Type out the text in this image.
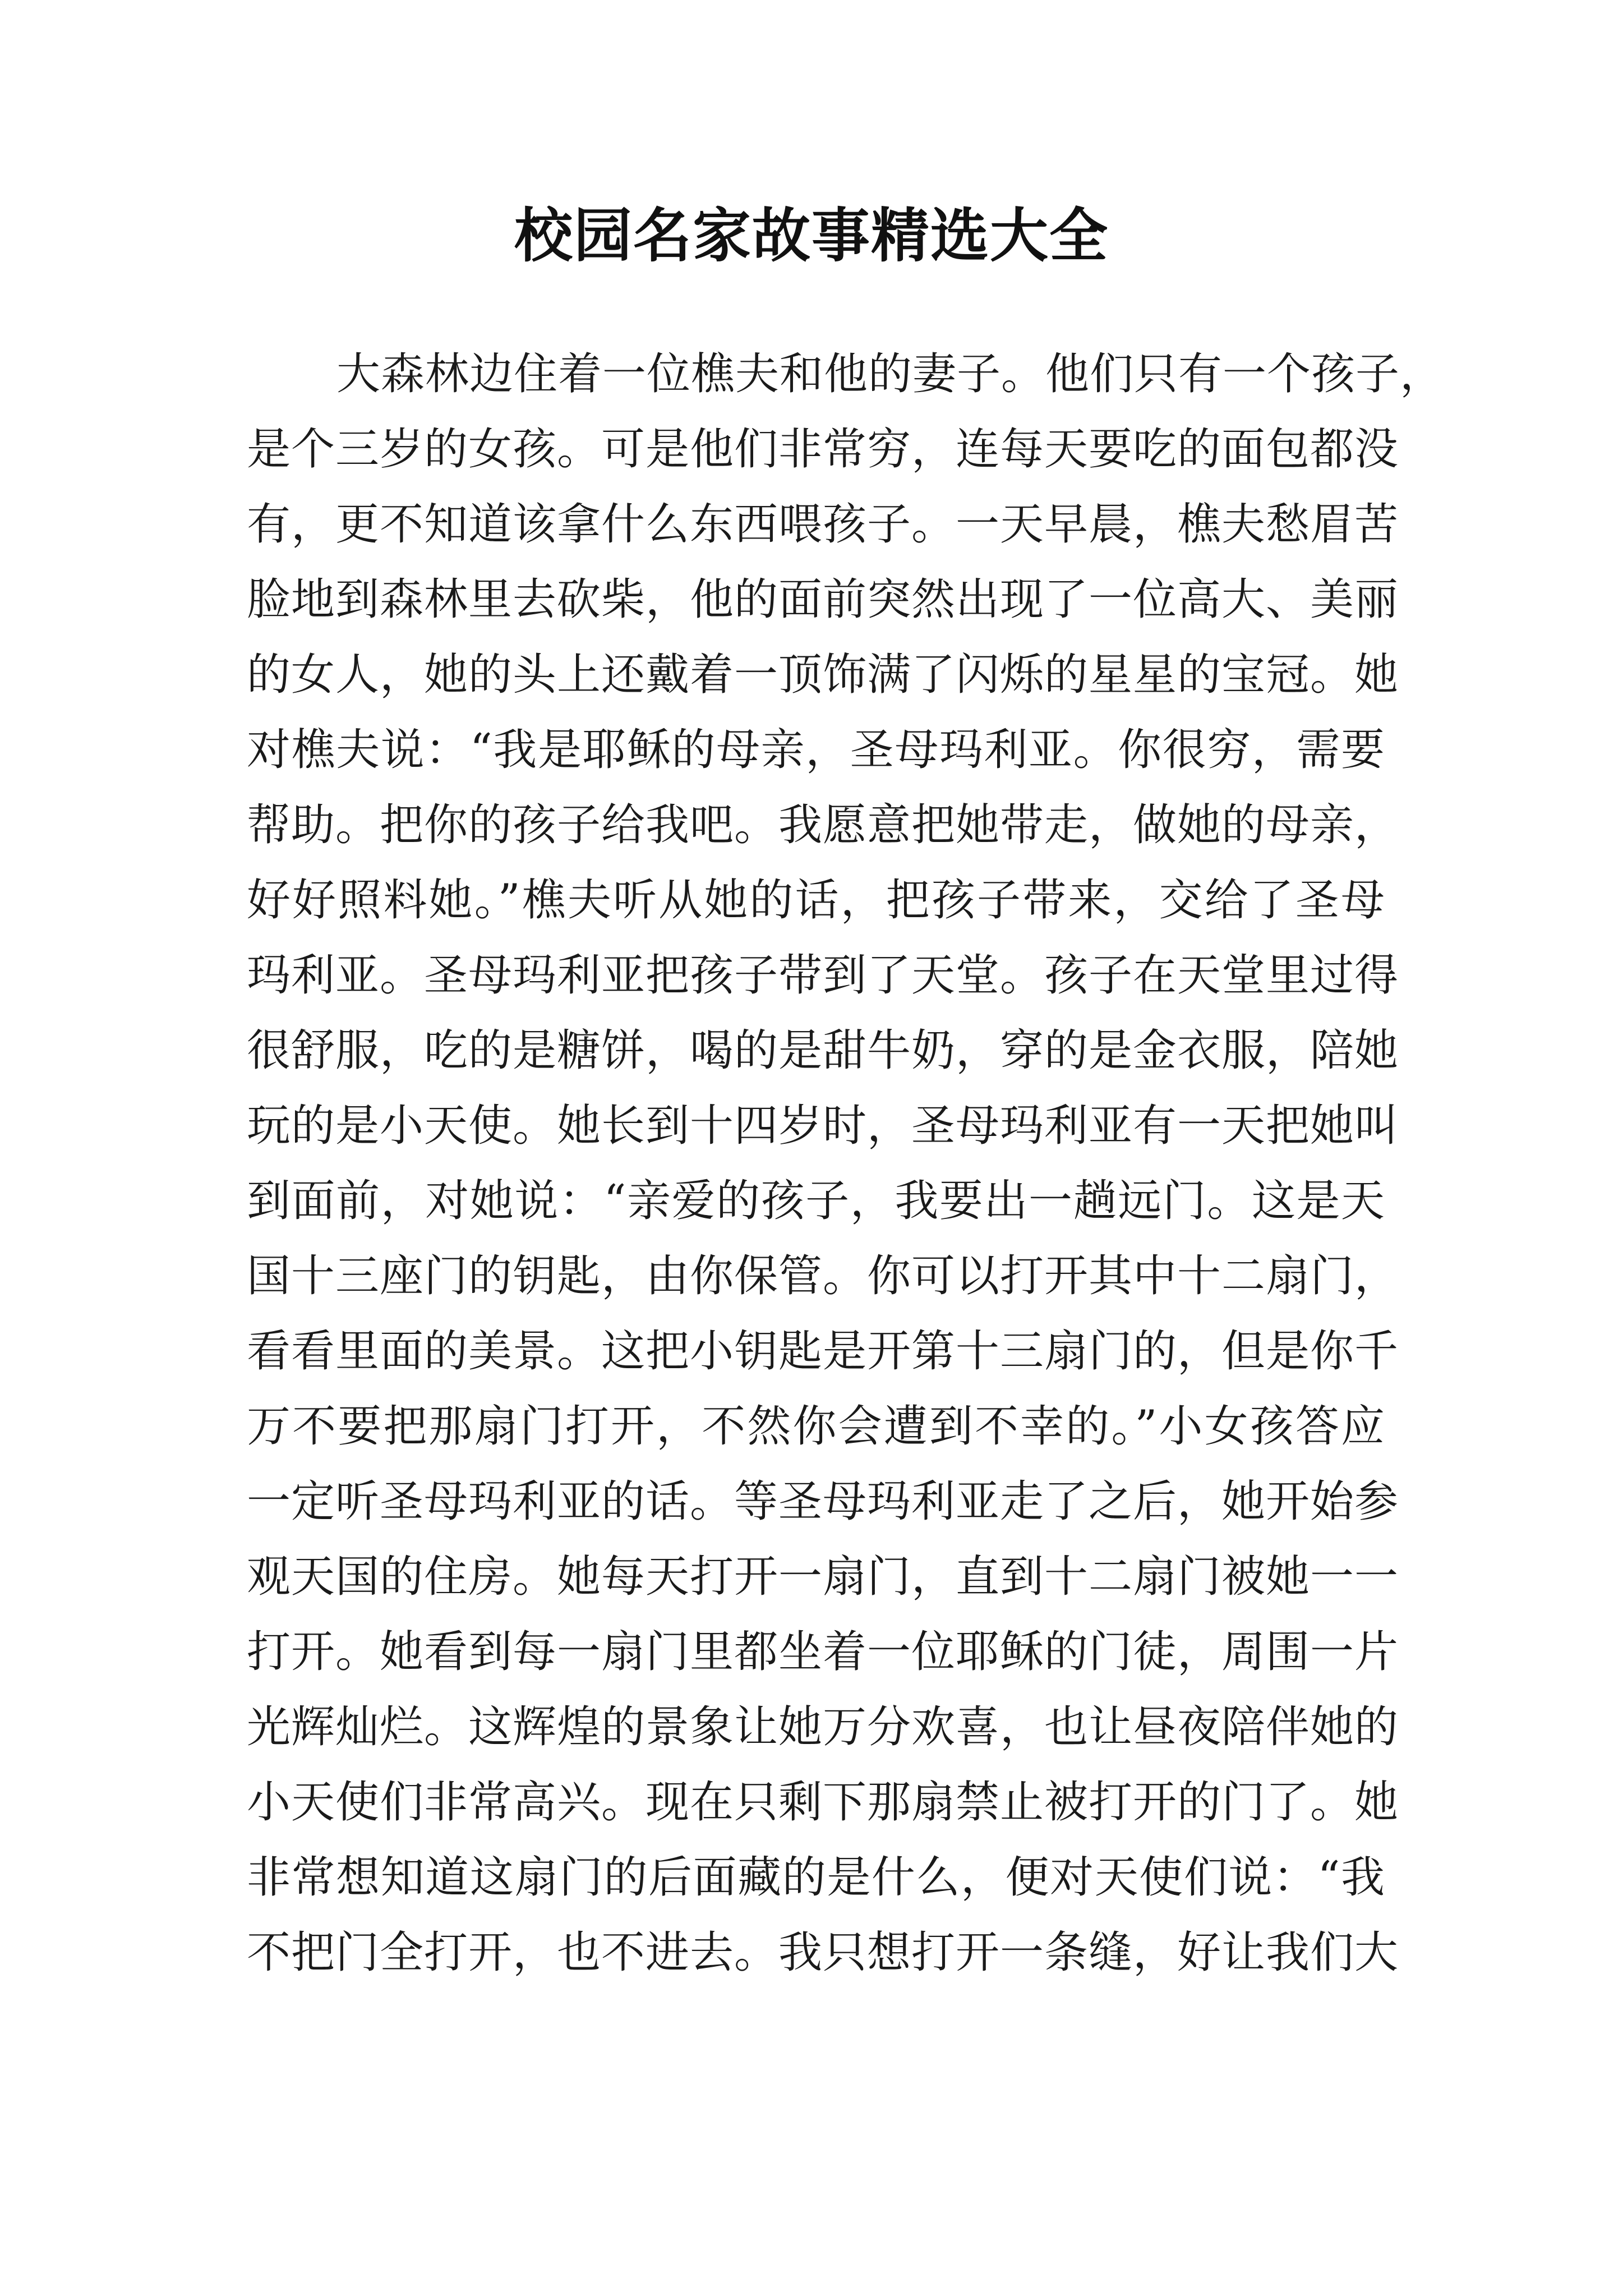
校园名家故事精选大全
大森林边住着一位樵夫和他的妻子。他们只有一个孩子，
是个三岁的女孩。可是他们非常穷，连每天要吃的面包都没
有，更不知道该拿什么东西喂孩子。一天早晨，樵夫愁眉苦
脸地到森林里去砍柴，他的面前突然出现了一位高大、美丽
的女人，她的头上还戴着一顶饰满了闪烁的星星的宝冠。她
对樵夫说：“我是耶稣的母亲，圣母玛利亚。你很穷，需要
帮助。把你的孩子给我吧。我愿意把她带走，做她的母亲，
好好照料她。”樵夫听从她的话，把孩子带来，交给了圣母
玛利亚。圣母玛利亚把孩子带到了天堂。孩子在天堂里过得
很舒服，吃的是糖饼，喝的是甜牛奶，穿的是金衣服，陪她
玩的是小天使。她长到十四岁时，圣母玛利亚有一天把她叫
到面前，对她说：“亲爱的孩子，我要出一趟远门。这是天
国十三座门的钥匙，由你保管。你可以打开其中十二扇门，
看看里面的美景。这把小钥匙是开第十三扇门的，但是你千
万不要把那扇门打开，不然你会遭到不幸的。”小女孩答应
一定听圣母玛利亚的话。等圣母玛利亚走了之后，她开始参
观天国的住房。她每天打开一扇门，直到十二扇门被她一一
打开。她看到每一扇门里都坐着一位耶稣的门徒，周围一片
光辉灿烂。这辉煌的景象让她万分欢喜，也让昼夜陪伴她的
小天使们非常高兴。现在只剩下那扇禁止被打开的门了。她
非常想知道这扇门的后面藏的是什么，便对天使们说：“我
不把门全打开，也不进去。我只想打开一条缝，好让我们大
